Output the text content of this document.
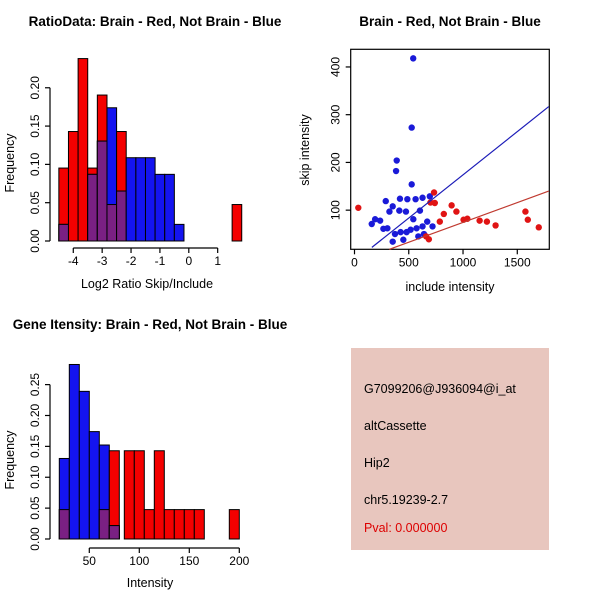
0.00
0.05
0.10
0.15
0.20
-4 -3 -2 -1 0 1
RatioData: Brain - Red, Not Brain - Blue
Log2 Ratio Skip/Include
Frequency
0	500	1000 1500
100
200
300
400
Brain - Red, Not Brain - Blue
include intensity
skip intensity
0.00
0.05
0.10
0.15
0.20
0.25
50	100 150 200
Gene Itensity: Brain - Red, Not Brain - Blue
Intensity
Frequency
G7099206@J936094@i_at
altCassette
Hip2
chr5.19239-2.7
Pval: 0.000000
